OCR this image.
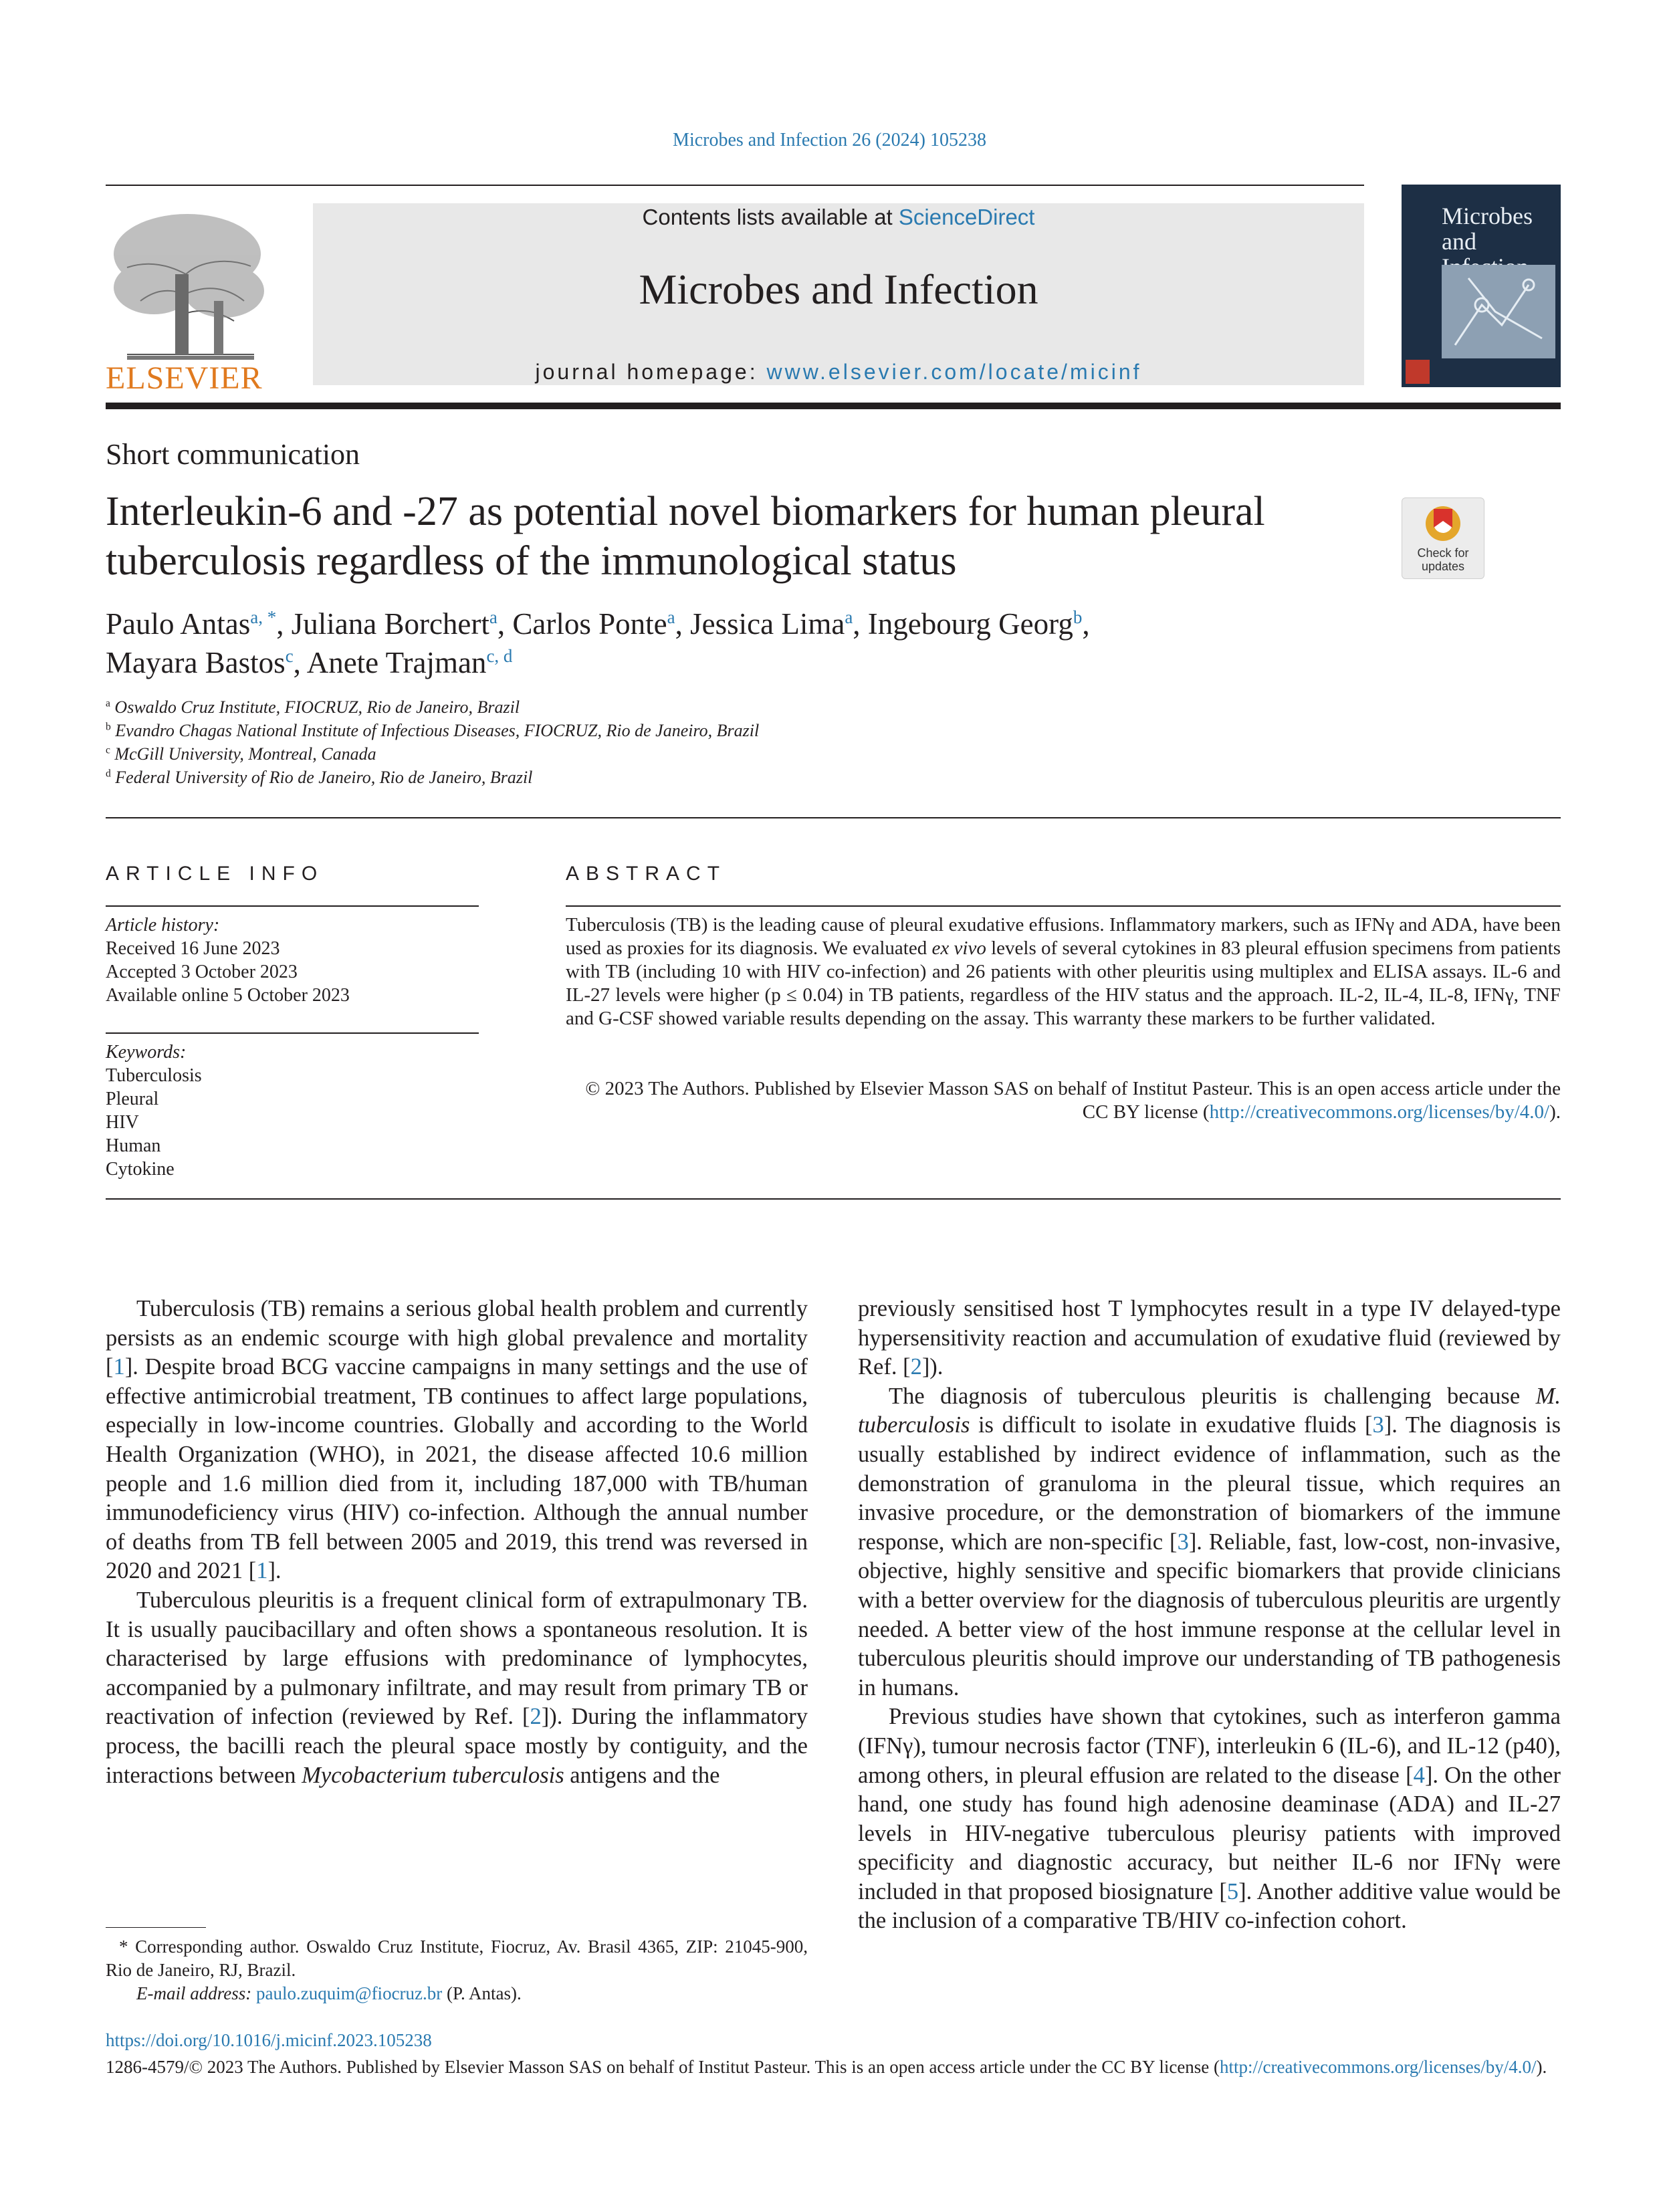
Microbes and Infection 26 (2024) 105238
ELSEVIER
Contents lists available at ScienceDirect
Microbes and Infection
journal homepage: www.elsevier.com/locate/micinf
Microbes and
Short communication
Interleukin-6 and -27 as potential novel biomarkers for human pleural tuberculosis regardless of the immunological status	Check for updates
Paulo Antas$^{a, *}$, Juliana Borchert$^a$, Carlos Ponte$^a$, Jessica Lima$^a$, Ingebourg Georg$^b$,
Mayara Bastos$^c$, Anete Trajman$^{c, d}$
$^a$ Oswaldo Cruz Institute, FIOCRUZ, Rio de Janeiro, Brazil
$^b$ Evandro Chagas National Institute of Infectious Diseases, FIOCRUZ, Rio de Janeiro, Brazil
$^c$ McGill University, Montreal, Canada
$^d$ Federal University of Rio de Janeiro, Rio de Janeiro, Brazil
ARTICLE INFO	ABSTRACT
Article history:
Received 16 June 2023
Accepted 3 October 2023
Available online 5 October 2023
Keywords:
Tuberculosis
Pleural
HIV
Human
Cytokine
Tuberculosis (TB) is the leading cause of pleural exudative effusions. Inflammatory markers, such as IFNγ and ADA, have been used as proxies for its diagnosis. We evaluated ex vivo levels of several cytokines in 83 pleural effusion specimens from patients with TB (including 10 with HIV co-infection) and 26 patients with other pleuritis using multiplex and ELISA assays. IL-6 and IL-27 levels were higher (p ≤ 0.04) in TB patients, regardless of the HIV status and the approach. IL-2, IL-4, IL-8, IFNγ, TNF and G-CSF showed variable results depending on the assay. This warranty these markers to be further validated.
© 2023 The Authors. Published by Elsevier Masson SAS on behalf of Institut Pasteur. This is an open access article under the CC BY license (http://creativecommons.org/licenses/by/4.0/).

Tuberculosis (TB) remains a serious global health problem and currently persists as an endemic scourge with high global prevalence and mortality [1]. Despite broad BCG vaccine campaigns in many settings and the use of effective antimicrobial treatment, TB continues to affect large populations, especially in low-income countries. Globally and according to the World Health Organization (WHO), in 2021, the disease affected 10.6 million people and 1.6 million died from it, including 187,000 with TB/human immunodeficiency virus (HIV) co-infection. Although the annual number of deaths from TB fell between 2005 and 2019, this trend was reversed in 2020 and 2021 [1].

Tuberculous pleuritis is a frequent clinical form of extrapulmonary TB. It is usually paucibacillary and often shows a spontaneous resolution. It is characterised by large effusions with predominance of lymphocytes, accompanied by a pulmonary infiltrate, and may result from primary TB or reactivation of infection (reviewed by Ref. [2]). During the inflammatory process, the bacilli reach the pleural space mostly by contiguity, and the interactions between Mycobacterium tuberculosis antigens and the

previously sensitised host T lymphocytes result in a type IV delayed-type hypersensitivity reaction and accumulation of exudative fluid (reviewed by Ref. [2]).

The diagnosis of tuberculous pleuritis is challenging because M. tuberculosis is difficult to isolate in exudative fluids [3]. The diagnosis is usually established by indirect evidence of inflammation, such as the demonstration of granuloma in the pleural tissue, which requires an invasive procedure, or the demonstration of biomarkers of the immune response, which are non-specific [3]. Reliable, fast, low-cost, non-invasive, objective, highly sensitive and specific biomarkers that provide clinicians with a better overview for the diagnosis of tuberculous pleuritis are urgently needed. A better view of the host immune response at the cellular level in tuberculous pleuritis should improve our understanding of TB pathogenesis in humans.

Previous studies have shown that cytokines, such as interferon gamma (IFNγ), tumour necrosis factor (TNF), interleukin 6 (IL-6), and IL-12 (p40), among others, in pleural effusion are related to the disease [4]. On the other hand, one study has found high adenosine deaminase (ADA) and IL-27 levels in HIV-negative tuberculous pleurisy patients with improved specificity and diagnostic accuracy, but neither IL-6 nor IFNγ were included in that proposed biosignature [5]. Another additive value would be the inclusion of a comparative TB/HIV co-infection cohort.

* Corresponding author. Oswaldo Cruz Institute, Fiocruz, Av. Brasil 4365, ZIP: 21045-900, Rio de Janeiro, RJ, Brazil.
E-mail address: paulo.zuquim@fiocruz.br (P. Antas).
https://doi.org/10.1016/j.micinf.2023.105238
1286-4579/© 2023 The Authors. Published by Elsevier Masson SAS on behalf of Institut Pasteur. This is an open access article under the CC BY license (http://creativecommons.org/licenses/by/4.0/).
